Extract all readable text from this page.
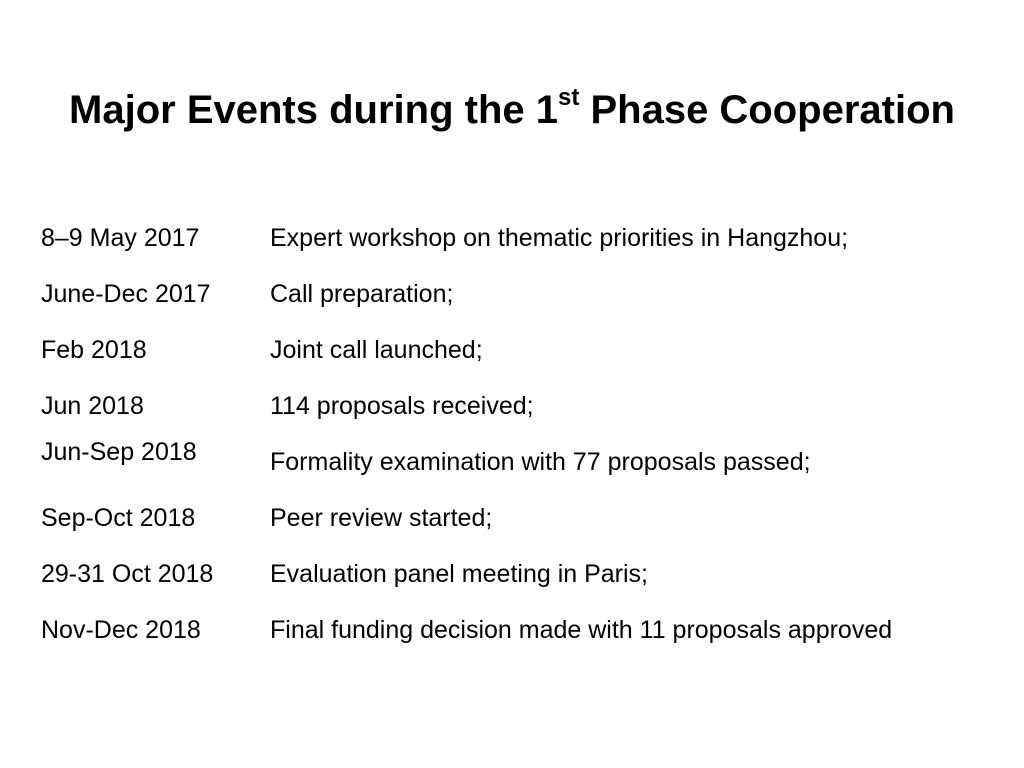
Major Events during the 1st Phase Cooperation
8–9 May 2017	Expert workshop on thematic priorities in Hangzhou;
June-Dec 2017 Call preparation;
Feb 2018	Joint call launched;
Jun 2018	114 proposals received;
Jun-Sep 2018	Formality examination with 77 proposals passed;
Sep-Oct 2018	Peer review started;
29-31 Oct 2018 Evaluation panel meeting in Paris;
Nov-Dec 2018	Final funding decision made with 11 proposals approved
